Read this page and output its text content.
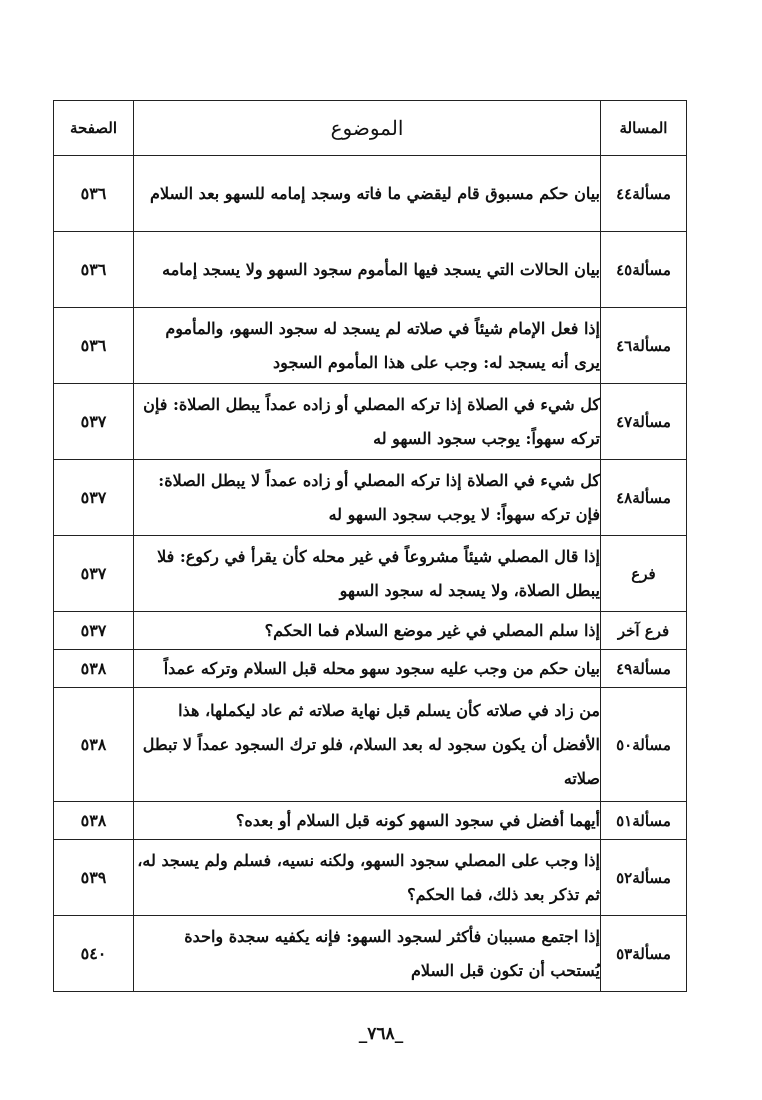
المسالة	الموضوع	الصفحة
مسألة٤٤	بيان حكم مسبوق قام ليقضي ما فاته وسجد إمامه للسهو بعد السلام	٥٣٦
مسألة٤٥	بيان الحالات التي يسجد فيها المأموم سجود السهو ولا يسجد إمامه	٥٣٦
مسألة٤٦	إذا فعل الإمام شيئاً في صلاته لم يسجد له سجود السهو، والمأموم يرى أنه يسجد له: وجب على هذا المأموم السجود	٥٣٦
مسألة٤٧	كل شيء في الصلاة إذا تركه المصلي أو زاده عمداً يبطل الصلاة: فإن تركه سهواً: يوجب سجود السهو له	٥٣٧
مسألة٤٨	كل شيء في الصلاة إذا تركه المصلي أو زاده عمداً لا يبطل الصلاة: فإن تركه سهواً: لا يوجب سجود السهو له	٥٣٧
فرع	إذا قال المصلي شيئاً مشروعاً في غير محله كأن يقرأ في ركوع: فلا يبطل الصلاة، ولا يسجد له سجود السهو	٥٣٧
فرع آخر	إذا سلم المصلي في غير موضع السلام فما الحكم؟	٥٣٧
مسألة٤٩	بيان حكم من وجب عليه سجود سهو محله قبل السلام وتركه عمداً	٥٣٨
مسألة٥٠	من زاد في صلاته كأن يسلم قبل نهاية صلاته ثم عاد ليكملها، هذا الأفضل أن يكون سجود له بعد السلام، فلو ترك السجود عمداً لا تبطل صلاته	٥٣٨
مسألة٥١	أيهما أفضل في سجود السهو كونه قبل السلام أو بعده؟	٥٣٨
مسألة٥٢	إذا وجب على المصلي سجود السهو، ولكنه نسيه، فسلم ولم يسجد له، ثم تذكر بعد ذلك، فما الحكم؟	٥٣٩
مسألة٥٣	إذا اجتمع مسببان فأكثر لسجود السهو: فإنه يكفيه سجدة واحدة يُستحب أن تكون قبل السلام	٥٤٠
_٧٦٨_
